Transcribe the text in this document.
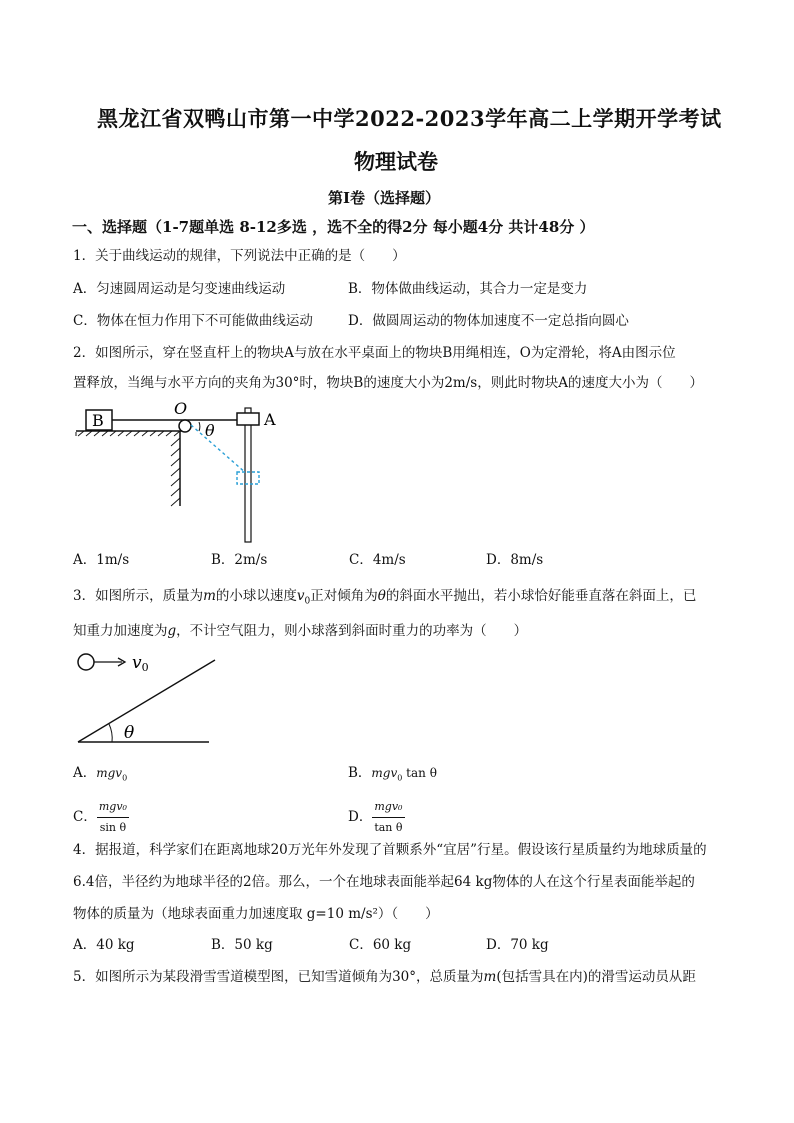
黑龙江省双鸭山市第一中学2022-2023学年高二上学期开学考试
物理试卷
第I卷（选择题）
一、选择题（1-7题单选 8-12多选 ，选不全的得2分 每小题4分 共计48分 ）
1．关于曲线运动的规律，下列说法中正确的是（　　）
A．匀速圆周运动是匀变速曲线运动	B．物体做曲线运动，其合力一定是变力
C．物体在恒力作用下不可能做曲线运动	D．做圆周运动的物体加速度不一定总指向圆心
2．如图所示，穿在竖直杆上的物块A与放在水平桌面上的物块B用绳相连，O为定滑轮，将A由图示位
置释放，当绳与水平方向的夹角为30°时，物块B的速度大小为2m/s，则此时物块A的速度大小为（　　）
B
O
θ
A
A．1m/s	B．2m/s	C．4m/s	D．8m/s
3．如图所示，质量为m的小球以速度$v_0$正对倾角为θ的斜面水平抛出，若小球恰好能垂直落在斜面上，已
知重力加速度为g，不计空气阻力，则小球落到斜面时重力的功率为（　　）
v0
θ
A．mgv$_0$	B．mgv$_0$ tan θ
C． $\frac{\text{mgv₀}}{\text{sin θ}}$	D． $\frac{\text{mgv₀}}{\text{tan θ}}$
4．据报道，科学家们在距离地球20万光年外发现了首颗系外“宜居”行星。假设该行星质量约为地球质量的
6.4倍，半径约为地球半径的2倍。那么，一个在地球表面能举起64 kg物体的人在这个行星表面能举起的
物体的质量为（地球表面重力加速度取 g=10 m/s²）（　　）
A．40 kg	B．50 kg	C．60 kg	D．70 kg
5．如图所示为某段滑雪雪道模型图，已知雪道倾角为30°，总质量为m(包括雪具在内)的滑雪运动员从距
